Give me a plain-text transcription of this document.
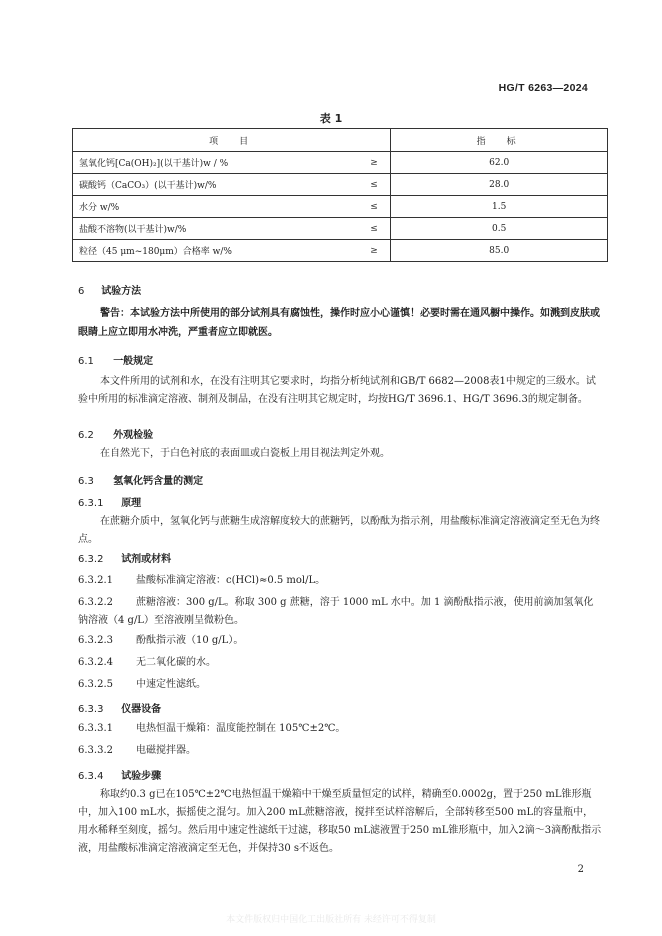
HG/T 6263—2024
表 1
项　目		指　标
氢氧化钙[Ca(OH)₂](以干基计)w / %	≥	62.0
碳酸钙（CaCO₃）(以干基计)w/%	≤	28.0
水分 w/%	≤	1.5
盐酸不溶物(以干基计)w/%	≤	0.5
粒径（45 μm~180μm）合格率 w/%	≥	85.0
6 试验方法
警告：本试验方法中所使用的部分试剂具有腐蚀性，操作时应小心谨慎！必要时需在通风橱中操作。如溅到皮肤或眼睛上应立即用水冲洗，严重者应立即就医。
6.1 一般规定
本文件所用的试剂和水，在没有注明其它要求时，均指分析纯试剂和GB/T 6682—2008表1中规定的三级水。试验中所用的标准滴定溶液、制剂及制品，在没有注明其它规定时，均按HG/T 3696.1、HG/T 3696.3的规定制备。
6.2 外观检验
在自然光下，于白色衬底的表面皿或白瓷板上用目视法判定外观。
6.3 氢氧化钙含量的测定
6.3.1 原理
在蔗糖介质中，氢氧化钙与蔗糖生成溶解度较大的蔗糖钙，以酚酞为指示剂，用盐酸标准滴定溶液滴定至无色为终点。
6.3.2 试剂或材料
6.3.2.1 盐酸标准滴定溶液：c(HCl)≈0.5 mol/L。
6.3.2.2 蔗糖溶液：300 g/L。称取 300 g 蔗糖，溶于 1000 mL 水中。加 1 滴酚酞指示液，使用前滴加氢氧化钠溶液（4 g/L）至溶液刚呈微粉色。
6.3.2.3 酚酞指示液（10 g/L）。
6.3.2.4 无二氧化碳的水。
6.3.2.5 中速定性滤纸。
6.3.3 仪器设备
6.3.3.1 电热恒温干燥箱：温度能控制在 105℃±2℃。
6.3.3.2 电磁搅拌器。
6.3.4 试验步骤
称取约0.3 g已在105℃±2℃电热恒温干燥箱中干燥至质量恒定的试样，精确至0.0002g，置于250 mL锥形瓶中，加入100 mL水，振摇使之混匀。加入200 mL蔗糖溶液，搅拌至试样溶解后，全部转移至500 mL的容量瓶中，用水稀释至刻度，摇匀。然后用中速定性滤纸干过滤，移取50 mL滤液置于250 mL锥形瓶中，加入2滴～3滴酚酞指示液，用盐酸标准滴定溶液滴定至无色，并保持30 s不返色。
2
本文件版权归中国化工出版社所有 未经许可不得复制
